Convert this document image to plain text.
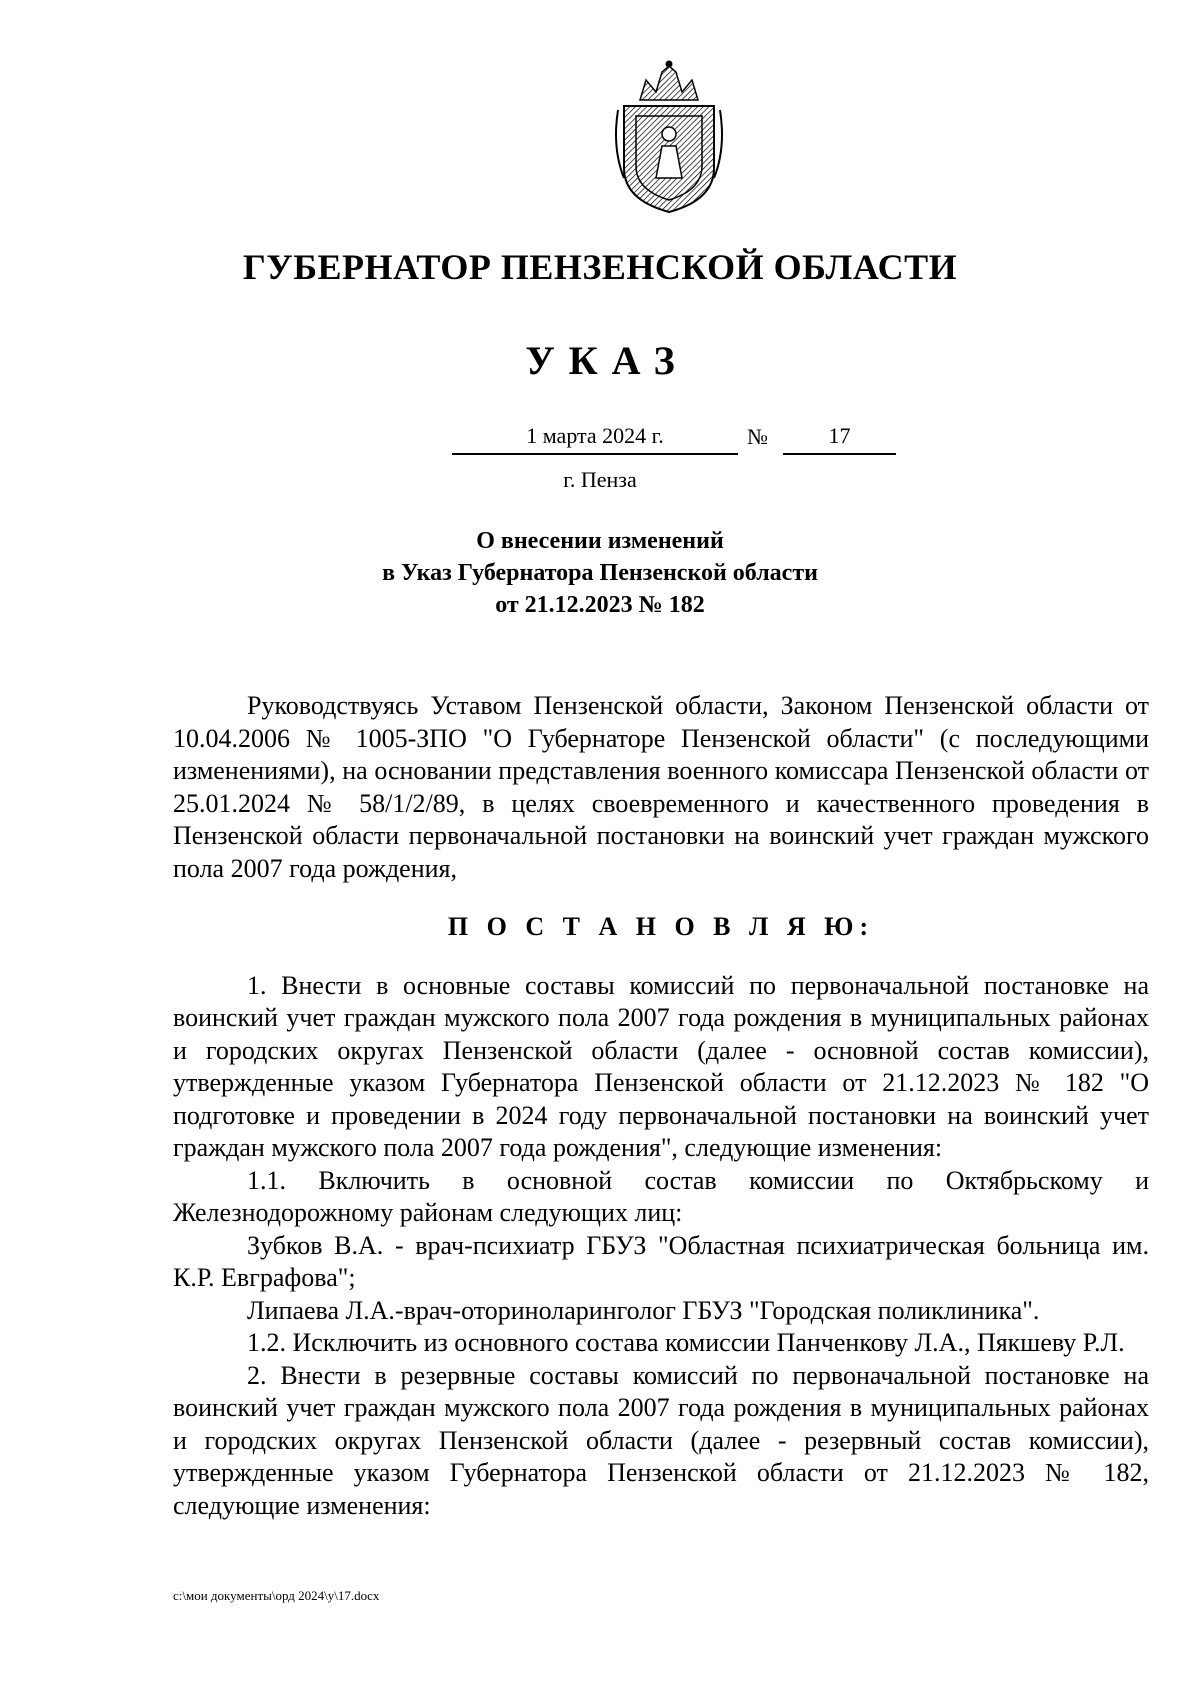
ГУБЕРНАТОР ПЕНЗЕНСКОЙ ОБЛАСТИ
УКАЗ
1 марта 2024 г.	№	17
г. Пенза
О внесении изменений
в Указ Губернатора Пензенской области
от 21.12.2023 № 182

Руководствуясь Уставом Пензенской области, Законом Пензенской области от 10.04.2006 № 1005-ЗПО "О Губернаторе Пензенской области" (с последующими изменениями), на основании представления военного комиссара Пензенской области от 25.01.2024 № 58/1/2/89, в целях своевременного и качественного проведения в Пензенской области первоначальной постановки на воинский учет граждан мужского пола 2007 года рождения,

П О С Т А Н О В Л Я Ю:

1. Внести в основные составы комиссий по первоначальной постановке на воинский учет граждан мужского пола 2007 года рождения в муниципальных районах и городских округах Пензенской области (далее - основной состав комиссии), утвержденные указом Губернатора Пензенской области от 21.12.2023 № 182 "О подготовке и проведении в 2024 году первоначальной постановки на воинский учет граждан мужского пола 2007 года рождения", следующие изменения:

1.1. Включить в основной состав комиссии по Октябрьскому и Железнодорожному районам следующих лиц:

Зубков В.А. - врач-психиатр ГБУЗ "Областная психиатрическая больница им. К.Р. Евграфова";

Липаева Л.А.-врач-оториноларинголог ГБУЗ "Городская поликлиника".

1.2. Исключить из основного состава комиссии Панченкову Л.А., Пякшеву Р.Л.

2. Внести в резервные составы комиссий по первоначальной постановке на воинский учет граждан мужского пола 2007 года рождения в муниципальных районах и городских округах Пензенской области (далее - резервный состав комиссии), утвержденные указом Губернатора Пензенской области от 21.12.2023 № 182, следующие изменения:

c:\мои документы\орд 2024\у\17.docx
